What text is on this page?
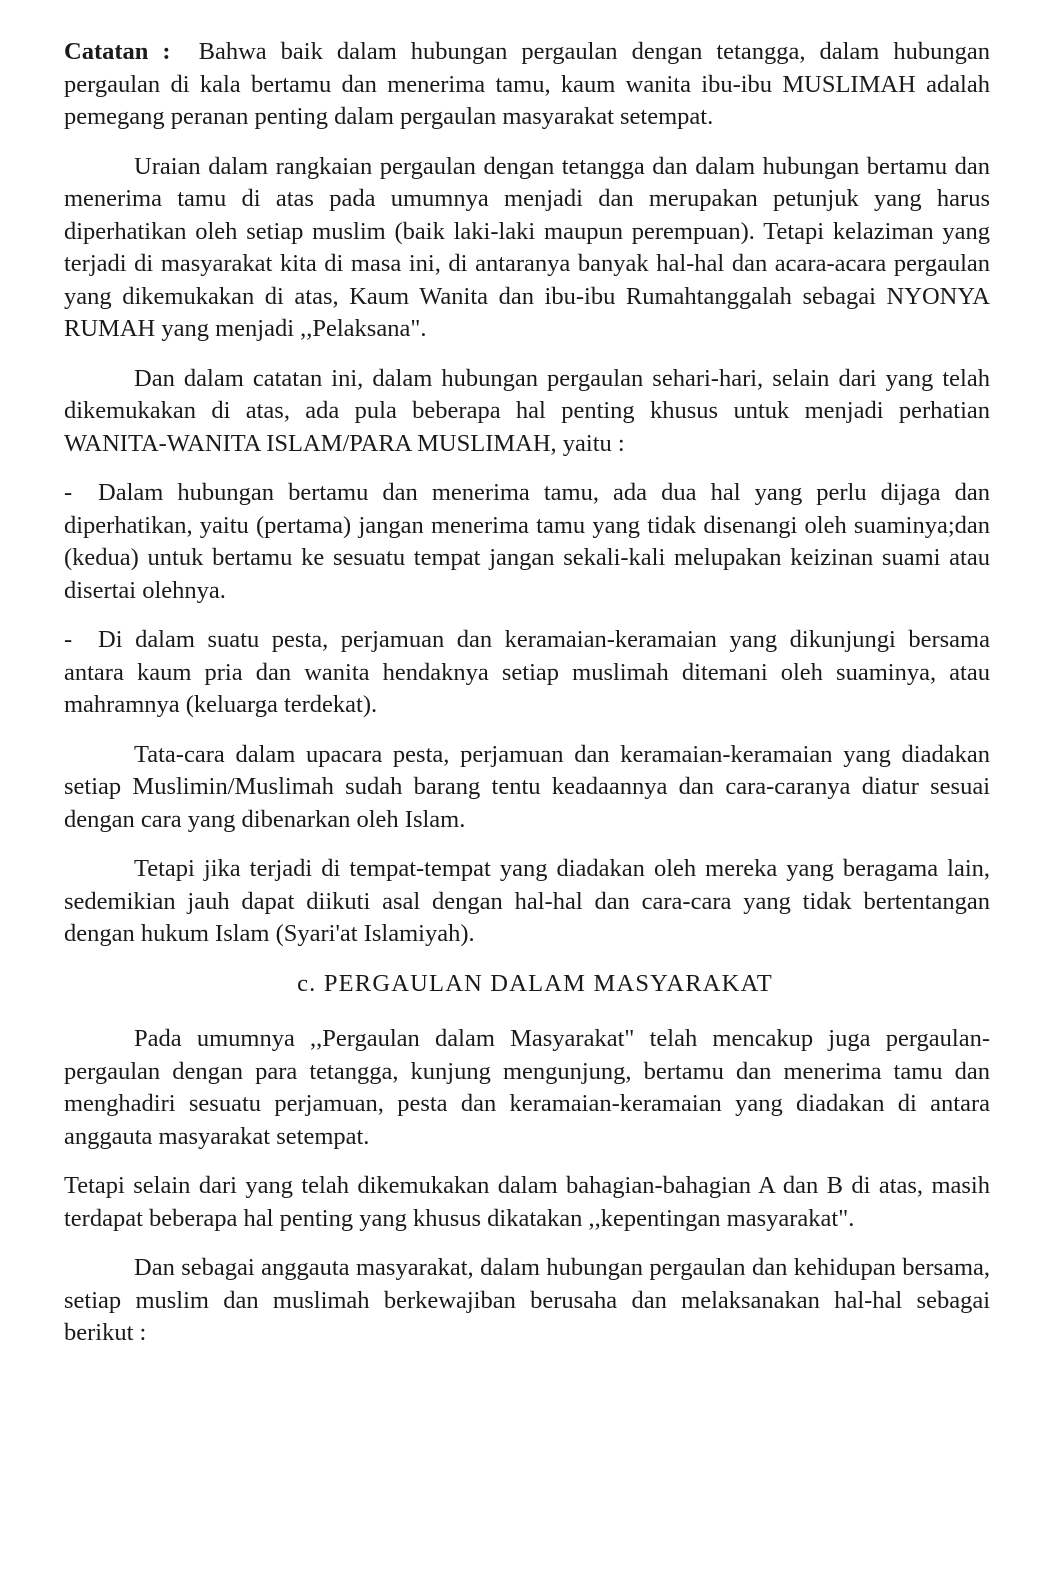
Catatan : Bahwa baik dalam hubungan pergaulan dengan tetangga, dalam hubungan pergaulan di kala bertamu dan menerima tamu, kaum wanita ibu-ibu MUSLIMAH adalah pemegang peranan penting dalam pergaulan masyarakat setempat.

Uraian dalam rangkaian pergaulan dengan tetangga dan dalam hubungan bertamu dan menerima tamu di atas pada umumnya menjadi dan merupakan petunjuk yang harus diperhatikan oleh setiap muslim (baik laki-laki maupun perempuan). Tetapi kelaziman yang terjadi di masyarakat kita di masa ini, di antaranya banyak hal-hal dan acara-acara pergaulan yang dikemukakan di atas, Kaum Wanita dan ibu-ibu Rumahtanggalah sebagai NYONYA RUMAH yang menjadi ,,Pelaksana".

Dan dalam catatan ini, dalam hubungan pergaulan sehari-hari, selain dari yang telah dikemukakan di atas, ada pula beberapa hal penting khusus untuk menjadi perhatian WANITA-WANITA ISLAM/PARA MUSLIMAH, yaitu :

- Dalam hubungan bertamu dan menerima tamu, ada dua hal yang perlu dijaga dan diperhatikan, yaitu (pertama) jangan menerima tamu yang tidak disenangi oleh suaminya;dan (kedua) untuk bertamu ke sesuatu tempat jangan sekali-kali melupakan keizinan suami atau disertai olehnya.

- Di dalam suatu pesta, perjamuan dan keramaian-keramaian yang dikunjungi bersama antara kaum pria dan wanita hendaknya setiap muslimah ditemani oleh suaminya, atau mahramnya (keluarga terdekat).

Tata-cara dalam upacara pesta, perjamuan dan keramaian-keramaian yang diadakan setiap Muslimin/Muslimah sudah barang tentu keadaannya dan cara-caranya diatur sesuai dengan cara yang dibenarkan oleh Islam.

Tetapi jika terjadi di tempat-tempat yang diadakan oleh mereka yang beragama lain, sedemikian jauh dapat diikuti asal dengan hal-hal dan cara-cara yang tidak bertentangan dengan hukum Islam (Syari'at Islamiyah).

c. PERGAULAN DALAM MASYARAKAT

Pada umumnya ,,Pergaulan dalam Masyarakat" telah mencakup juga pergaulan-pergaulan dengan para tetangga, kunjung mengunjung, bertamu dan menerima tamu dan menghadiri sesuatu perjamuan, pesta dan keramaian-keramaian yang diadakan di antara anggauta masyarakat setempat.

Tetapi selain dari yang telah dikemukakan dalam bahagian-bahagian A dan B di atas, masih terdapat beberapa hal penting yang khusus dikatakan ,,kepentingan masyarakat".

Dan sebagai anggauta masyarakat, dalam hubungan pergaulan dan kehidupan bersama, setiap muslim dan muslimah berkewajiban berusaha dan melaksanakan hal-hal sebagai berikut :
